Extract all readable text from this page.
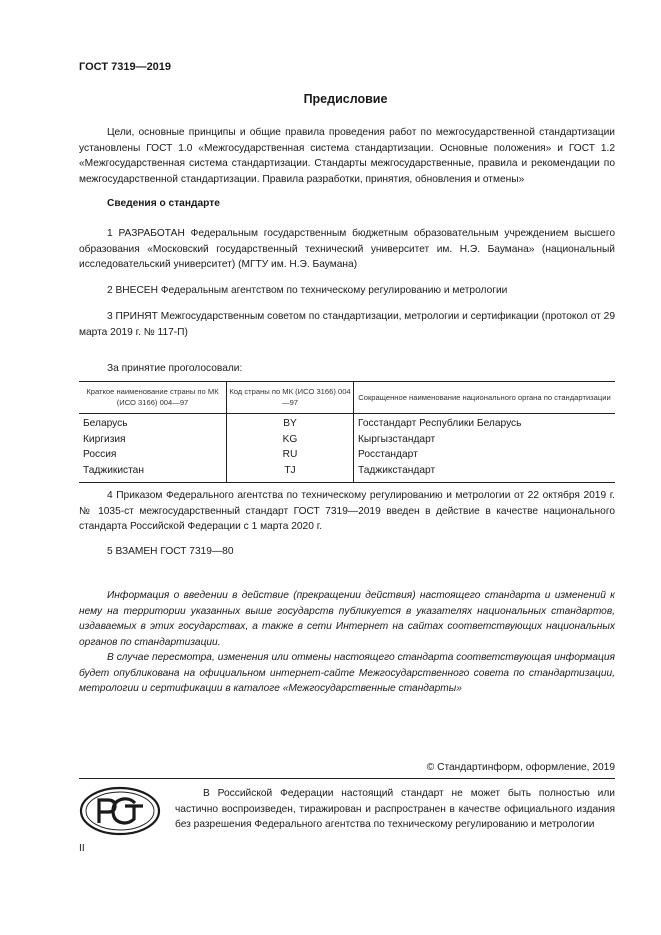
ГОСТ 7319—2019
Предисловие

Цели, основные принципы и общие правила проведения работ по межгосударственной стандартизации установлены ГОСТ 1.0 «Межгосударственная система стандартизации. Основные положения» и ГОСТ 1.2 «Межгосударственная система стандартизации. Стандарты межгосударственные, правила и рекомендации по межгосударственной стандартизации. Правила разработки, принятия, обновления и отмены»

Сведения о стандарте

1 РАЗРАБОТАН Федеральным государственным бюджетным образовательным учреждением высшего образования «Московский государственный технический университет им. Н.Э. Баумана» (национальный исследовательский университет) (МГТУ им. Н.Э. Баумана)

2 ВНЕСЕН Федеральным агентством по техническому регулированию и метрологии

3 ПРИНЯТ Межгосударственным советом по стандартизации, метрологии и сертификации (протокол от 29 марта 2019 г. № 117-П)

За принятие проголосовали:
Краткое наименование страны по МК (ИСО 3166) 004—97	Код страны по МК (ИСО 3166) 004—97	Сокращенное наименование национального органа по стандартизации
Беларусь	BY	Госстандарт Республики Беларусь
Киргизия	KG	Кыргызстандарт
Россия	RU	Росстандарт
Таджикистан	TJ	Таджикстандарт

4 Приказом Федерального агентства по техническому регулированию и метрологии от 22 октября 2019 г. № 1035-ст межгосударственный стандарт ГОСТ 7319—2019 введен в действие в качестве национального стандарта Российской Федерации с 1 марта 2020 г.

5 ВЗАМЕН ГОСТ 7319—80

Информация о введении в действие (прекращении действия) настоящего стандарта и изменений к нему на территории указанных выше государств публикуется в указателях национальных стандартов, издаваемых в этих государствах, а также в сети Интернет на сайтах соответствующих национальных органов по стандартизации.

В случае пересмотра, изменения или отмены настоящего стандарта соответствующая информация будет опубликована на официальном интернет-сайте Межгосударственного совета по стандартизации, метрологии и сертификации в каталоге «Межгосударственные стандарты»

© Стандартинформ, оформление, 2019

В Российской Федерации настоящий стандарт не может быть полностью или частично воспроизведен, тиражирован и распространен в качестве официального издания без разрешения Федерального агентства по техническому регулированию и метрологии

II
